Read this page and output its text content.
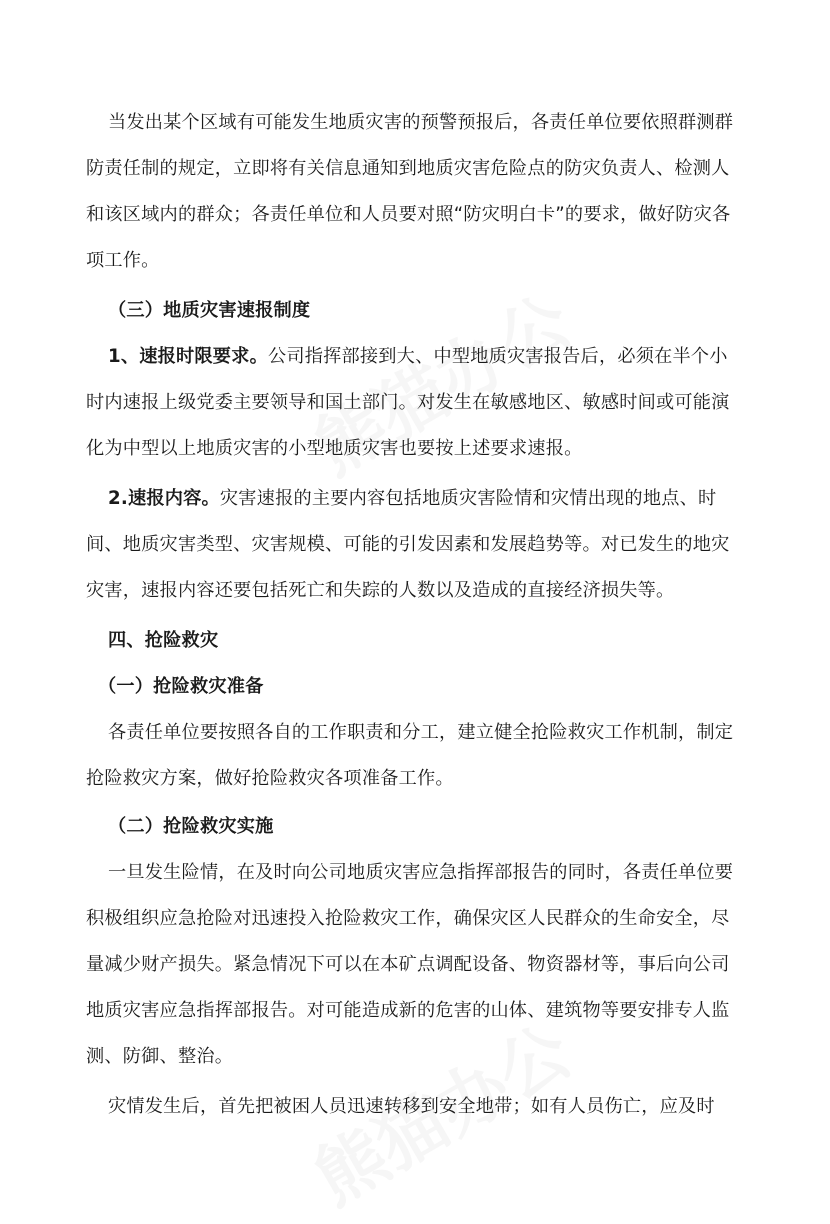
当发出某个区域有可能发生地质灾害的预警预报后，各责任单位要依照群测群防责任制的规定，立即将有关信息通知到地质灾害危险点的防灾负责人、检测人和该区域内的群众；各责任单位和人员要对照“防灾明白卡”的要求，做好防灾各项工作。

（三）地质灾害速报制度

1、速报时限要求。公司指挥部接到大、中型地质灾害报告后，必须在半个小时内速报上级党委主要领导和国土部门。对发生在敏感地区、敏感时间或可能演化为中型以上地质灾害的小型地质灾害也要按上述要求速报。

2.速报内容。灾害速报的主要内容包括地质灾害险情和灾情出现的地点、时间、地质灾害类型、灾害规模、可能的引发因素和发展趋势等。对已发生的地灾灾害，速报内容还要包括死亡和失踪的人数以及造成的直接经济损失等。

四、抢险救灾

（一）抢险救灾准备

各责任单位要按照各自的工作职责和分工，建立健全抢险救灾工作机制，制定抢险救灾方案，做好抢险救灾各项准备工作。

（二）抢险救灾实施

一旦发生险情，在及时向公司地质灾害应急指挥部报告的同时，各责任单位要积极组织应急抢险对迅速投入抢险救灾工作，确保灾区人民群众的生命安全，尽量减少财产损失。紧急情况下可以在本矿点调配设备、物资器材等，事后向公司地质灾害应急指挥部报告。对可能造成新的危害的山体、建筑物等要安排专人监测、防御、整治。

灾情发生后，首先把被困人员迅速转移到安全地带；如有人员伤亡，应及时
